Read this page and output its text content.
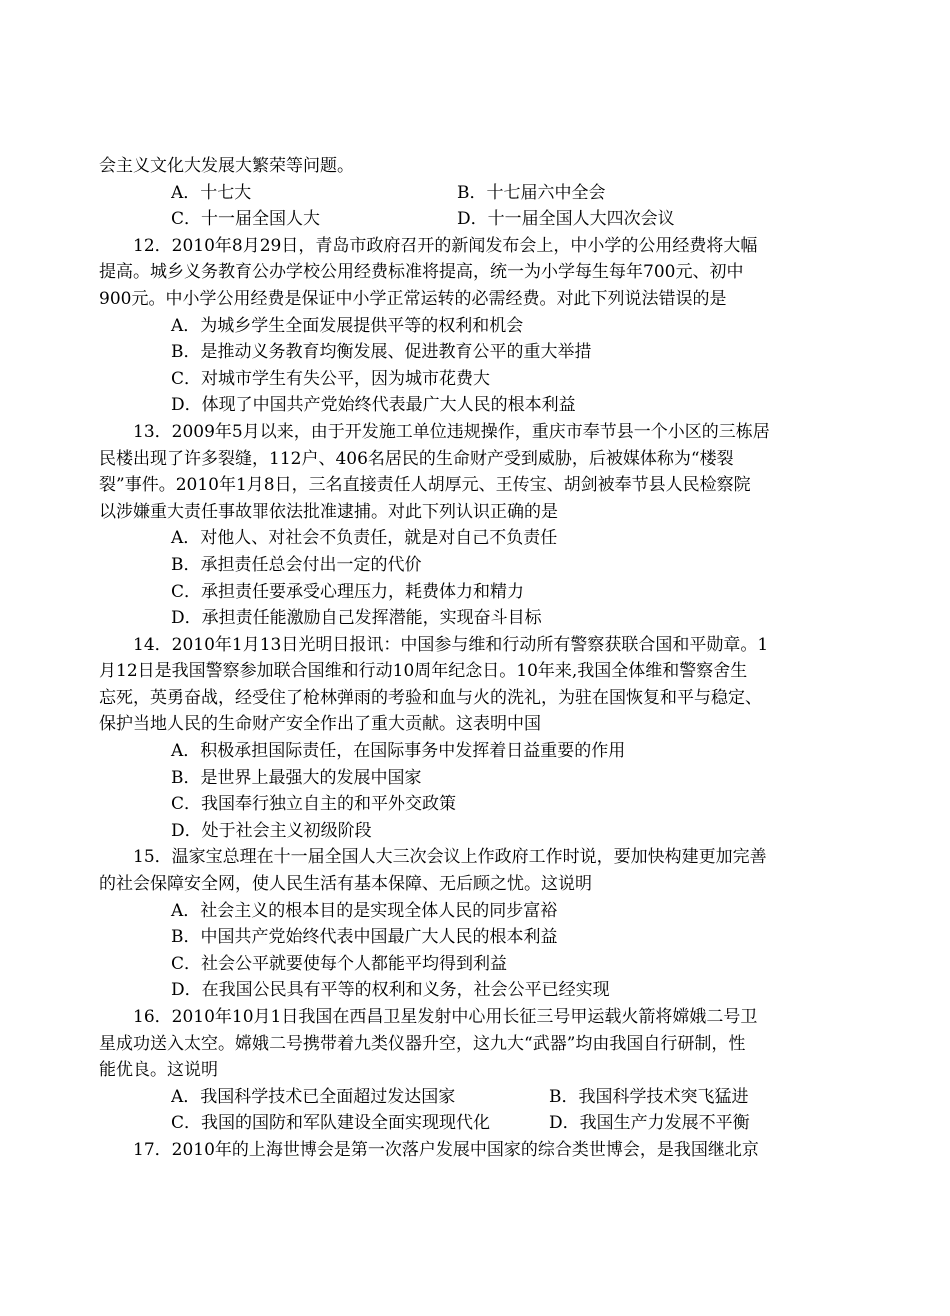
会主义文化大发展大繁荣等问题。
A．十七大	B．十七届六中全会
C．十一届全国人大	D．十一届全国人大四次会议
12．2010年8月29日，青岛市政府召开的新闻发布会上，中小学的公用经费将大幅
提高。城乡义务教育公办学校公用经费标准将提高，统一为小学每生每年700元、初中
900元。中小学公用经费是保证中小学正常运转的必需经费。对此下列说法错误的是
A．为城乡学生全面发展提供平等的权利和机会
B．是推动义务教育均衡发展、促进教育公平的重大举措
C．对城市学生有失公平，因为城市花费大
D．体现了中国共产党始终代表最广大人民的根本利益
13．2009年5月以来，由于开发施工单位违规操作，重庆市奉节县一个小区的三栋居
民楼出现了许多裂缝，112户、406名居民的生命财产受到威胁，后被媒体称为“楼裂
裂”事件。2010年1月8日，三名直接责任人胡厚元、王传宝、胡剑被奉节县人民检察院
以涉嫌重大责任事故罪依法批准逮捕。对此下列认识正确的是
A．对他人、对社会不负责任，就是对自己不负责任
B．承担责任总会付出一定的代价
C．承担责任要承受心理压力，耗费体力和精力
D．承担责任能激励自己发挥潜能，实现奋斗目标
14．2010年1月13日光明日报讯：中国参与维和行动所有警察获联合国和平勋章。1
月12日是我国警察参加联合国维和行动10周年纪念日。10年来,我国全体维和警察舍生
忘死，英勇奋战，经受住了枪林弹雨的考验和血与火的洗礼，为驻在国恢复和平与稳定、
保护当地人民的生命财产安全作出了重大贡献。这表明中国
A．积极承担国际责任，在国际事务中发挥着日益重要的作用
B．是世界上最强大的发展中国家
C．我国奉行独立自主的和平外交政策
D．处于社会主义初级阶段
15．温家宝总理在十一届全国人大三次会议上作政府工作时说，要加快构建更加完善
的社会保障安全网，使人民生活有基本保障、无后顾之忧。这说明
A．社会主义的根本目的是实现全体人民的同步富裕
B．中国共产党始终代表中国最广大人民的根本利益
C．社会公平就要使每个人都能平均得到利益
D．在我国公民具有平等的权利和义务，社会公平已经实现
16．2010年10月1日我国在西昌卫星发射中心用长征三号甲运载火箭将嫦娥二号卫
星成功送入太空。嫦娥二号携带着九类仪器升空，这九大“武器”均由我国自行研制，性
能优良。这说明
A．我国科学技术已全面超过发达国家	B．我国科学技术突飞猛进
C．我国的国防和军队建设全面实现现代化	D．我国生产力发展不平衡
17．2010年的上海世博会是第一次落户发展中国家的综合类世博会，是我国继北京
